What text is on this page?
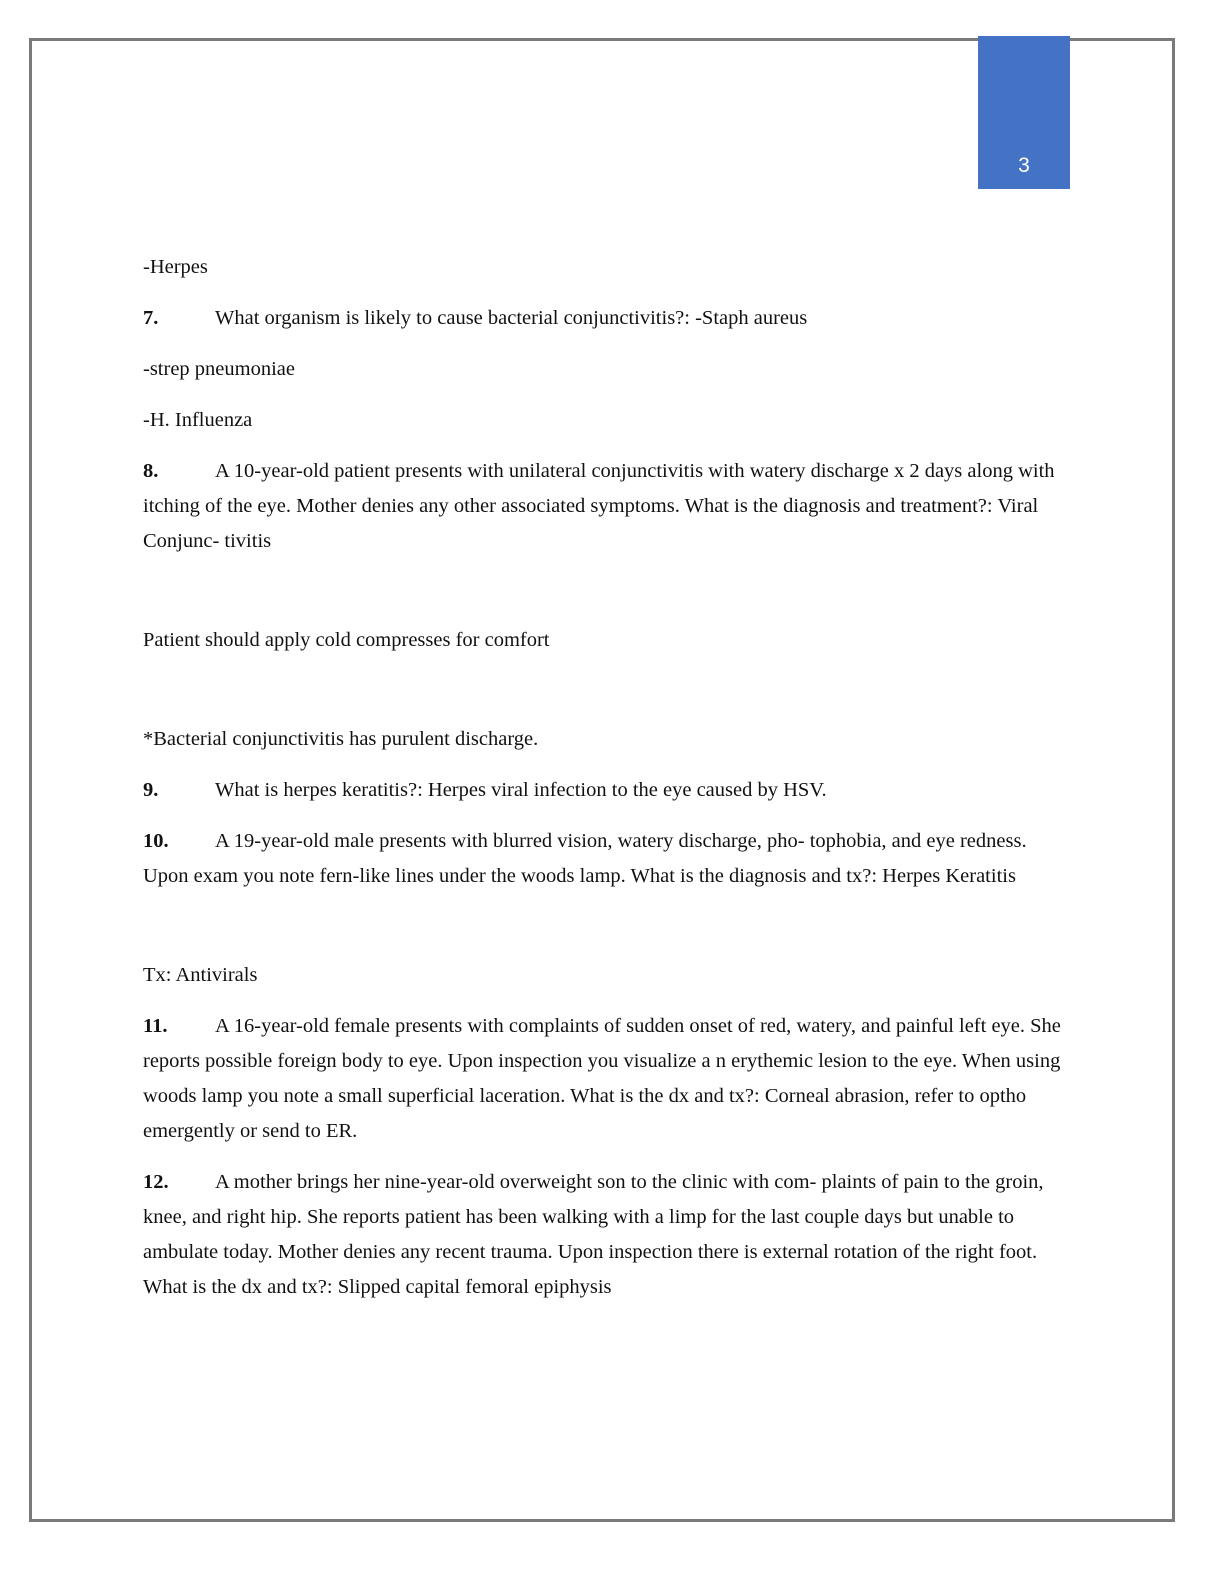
3

-Herpes

7.	What organism is likely to cause bacterial conjunctivitis?: -Staph aureus

-strep pneumoniae

-H. Influenza

8.	A 10-year-old patient presents with unilateral conjunctivitis with watery discharge x 2 days along with itching of the eye. Mother denies any other associated symptoms. What is the diagnosis and treatment?: Viral Conjunc- tivitis

Patient should apply cold compresses for comfort

*Bacterial conjunctivitis has purulent discharge.

9.	What is herpes keratitis?: Herpes viral infection to the eye caused by HSV.

10. A 19-year-old male presents with blurred vision, watery discharge, pho- tophobia, and eye redness. Upon exam you note fern-like lines under the woods lamp. What is the diagnosis and tx?: Herpes Keratitis

Tx: Antivirals

11. A 16-year-old female presents with complaints of sudden onset of red, watery, and painful left eye. She reports possible foreign body to eye. Upon inspection you visualize a n erythemic lesion to the eye. When using woods lamp you note a small superficial laceration. What is the dx and tx?: Corneal abrasion, refer to optho emergently or send to ER.

12. A mother brings her nine-year-old overweight son to the clinic with com- plaints of pain to the groin, knee, and right hip. She reports patient has been walking with a limp for the last couple days but unable to ambulate today. Mother denies any recent trauma. Upon inspection there is external rotation of the right foot. What is the dx and tx?: Slipped capital femoral epiphysis
